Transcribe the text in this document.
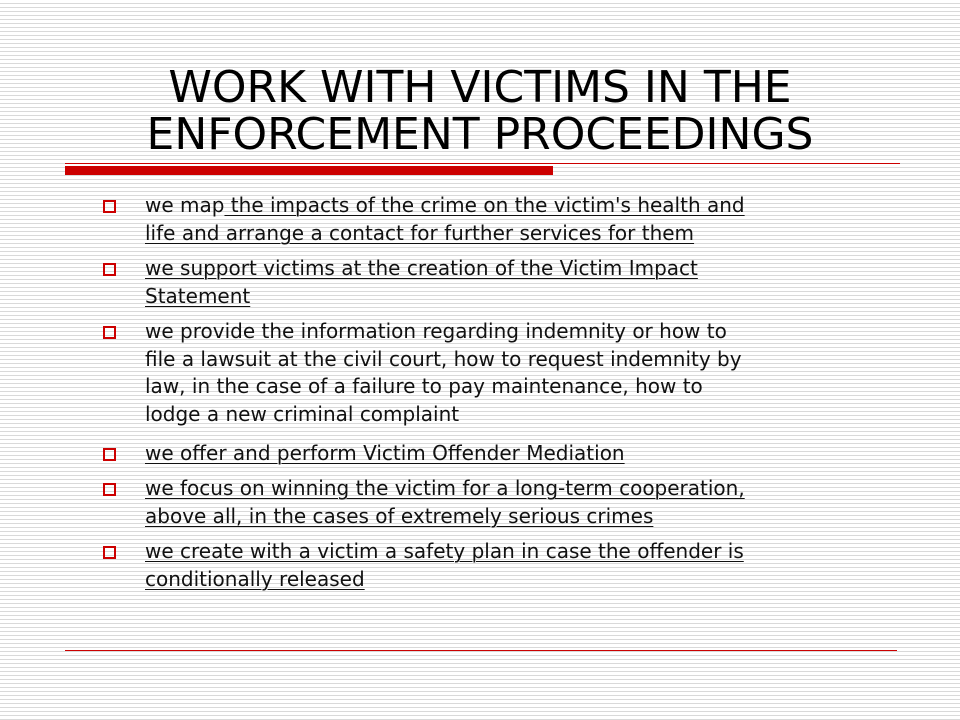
WORK WITH VICTIMS IN THE ENFORCEMENT PROCEEDINGS
we map the impacts of the crime on the victim's health and
life and arrange a contact for further services for them
we support victims at the creation of the Victim Impact
Statement
we provide the information regarding indemnity or how to
file a lawsuit at the civil court, how to request indemnity by
law, in the case of a failure to pay maintenance, how to
lodge a new criminal complaint
we offer and perform Victim Offender Mediation
we focus on winning the victim for a long-term cooperation,
above all, in the cases of extremely serious crimes
we create with a victim a safety plan in case the offender is
conditionally released
